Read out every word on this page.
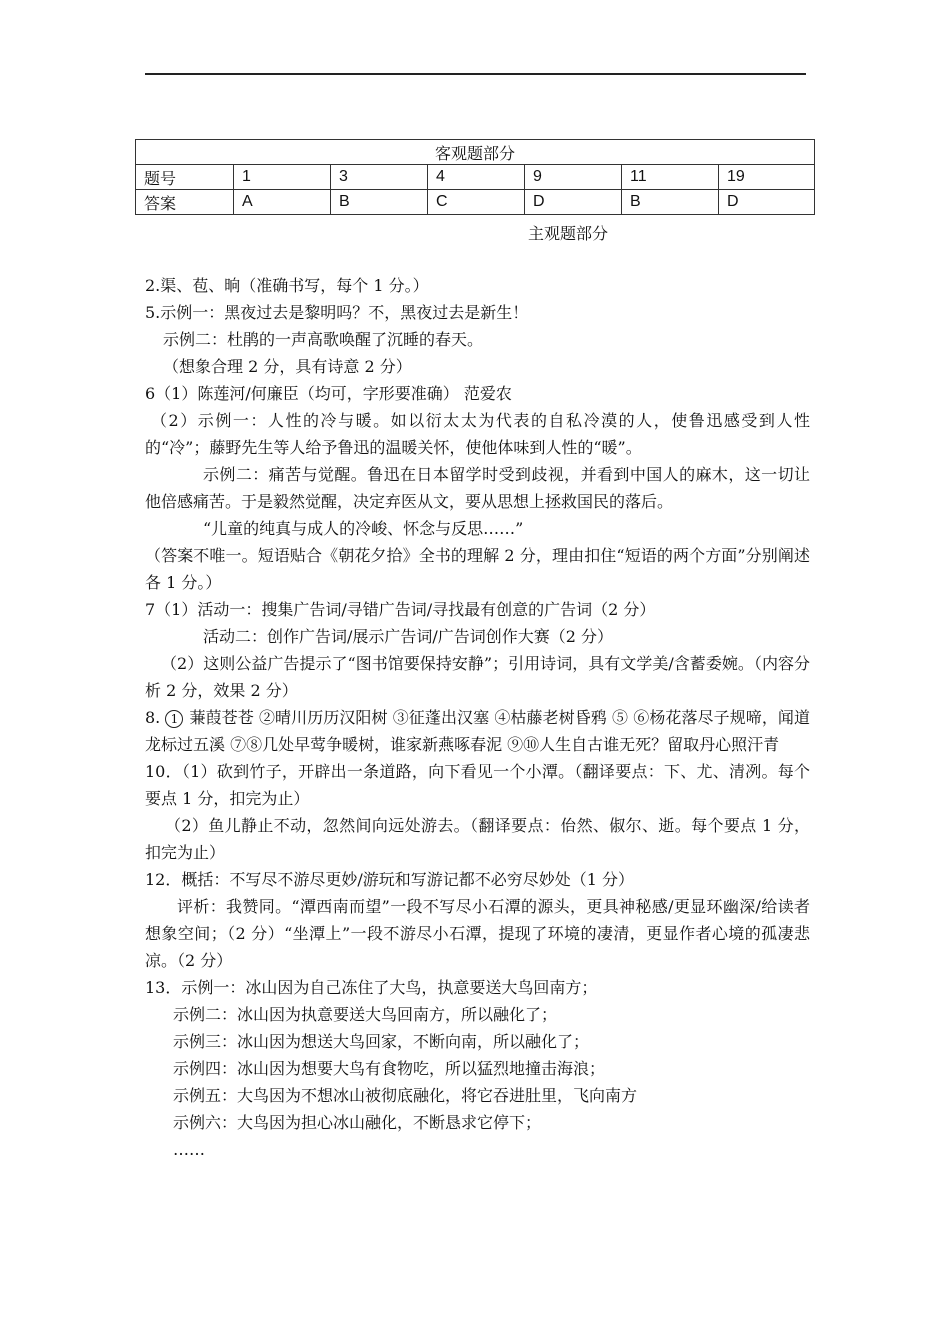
客观题部分						
题号	1	3	4	9	11	19
答案	A	B	C	D	B	D
主观题部分

2.渠、苞、晌（准确书写，每个 1 分。）

5.示例一：黑夜过去是黎明吗？不，黑夜过去是新生！

示例二：杜鹃的一声高歌唤醒了沉睡的春天。

（想象合理 2 分，具有诗意 2 分）

6（1）陈莲河/何廉臣（均可，字形要准确） 范爱农

（2）示例一：人性的冷与暖。如以衍太太为代表的自私冷漠的人，使鲁迅感受到人性的“冷”；藤野先生等人给予鲁迅的温暖关怀，使他体味到人性的“暖”。

示例二：痛苦与觉醒。鲁迅在日本留学时受到歧视，并看到中国人的麻木，这一切让他倍感痛苦。于是毅然觉醒，决定弃医从文，要从思想上拯救国民的落后。

“儿童的纯真与成人的冷峻、怀念与反思……”

（答案不唯一。短语贴合《朝花夕拾》全书的理解 2 分，理由扣住“短语的两个方面”分别阐述各 1 分。）

7（1）活动一：搜集广告词/寻错广告词/寻找最有创意的广告词（2 分）

活动二：创作广告词/展示广告词/广告词创作大赛（2 分）

（2）这则公益广告提示了“图书馆要保持安静”；引用诗词，具有文学美/含蓄委婉。（内容分析 2 分，效果 2 分）

8. 1 蒹葭苍苍 ②晴川历历汉阳树 ③征蓬出汉塞 ④枯藤老树昏鸦 ⑤ ⑥杨花落尽子规啼，闻道龙标过五溪 ⑦⑧几处早莺争暖树，谁家新燕啄春泥 ⑨⑩人生自古谁无死？留取丹心照汗青

10．（1）砍到竹子，开辟出一条道路，向下看见一个小潭。（翻译要点：下、尤、清冽。每个要点 1 分，扣完为止）

（2）鱼儿静止不动，忽然间向远处游去。（翻译要点：佁然、俶尔、逝。每个要点 1 分，扣完为止）

12．概括：不写尽不游尽更妙/游玩和写游记都不必穷尽妙处（1 分）

评析：我赞同。“潭西南而望”一段不写尽小石潭的源头，更具神秘感/更显环幽深/给读者想象空间；（2 分）“坐潭上”一段不游尽小石潭，提现了环境的凄清，更显作者心境的孤凄悲凉。（2 分）

13．示例一：冰山因为自己冻住了大鸟，执意要送大鸟回南方；

示例二：冰山因为执意要送大鸟回南方，所以融化了；

示例三：冰山因为想送大鸟回家，不断向南，所以融化了；

示例四：冰山因为想要大鸟有食物吃，所以猛烈地撞击海浪；

示例五：大鸟因为不想冰山被彻底融化，将它吞进肚里，飞向南方

示例六：大鸟因为担心冰山融化，不断恳求它停下；

……
